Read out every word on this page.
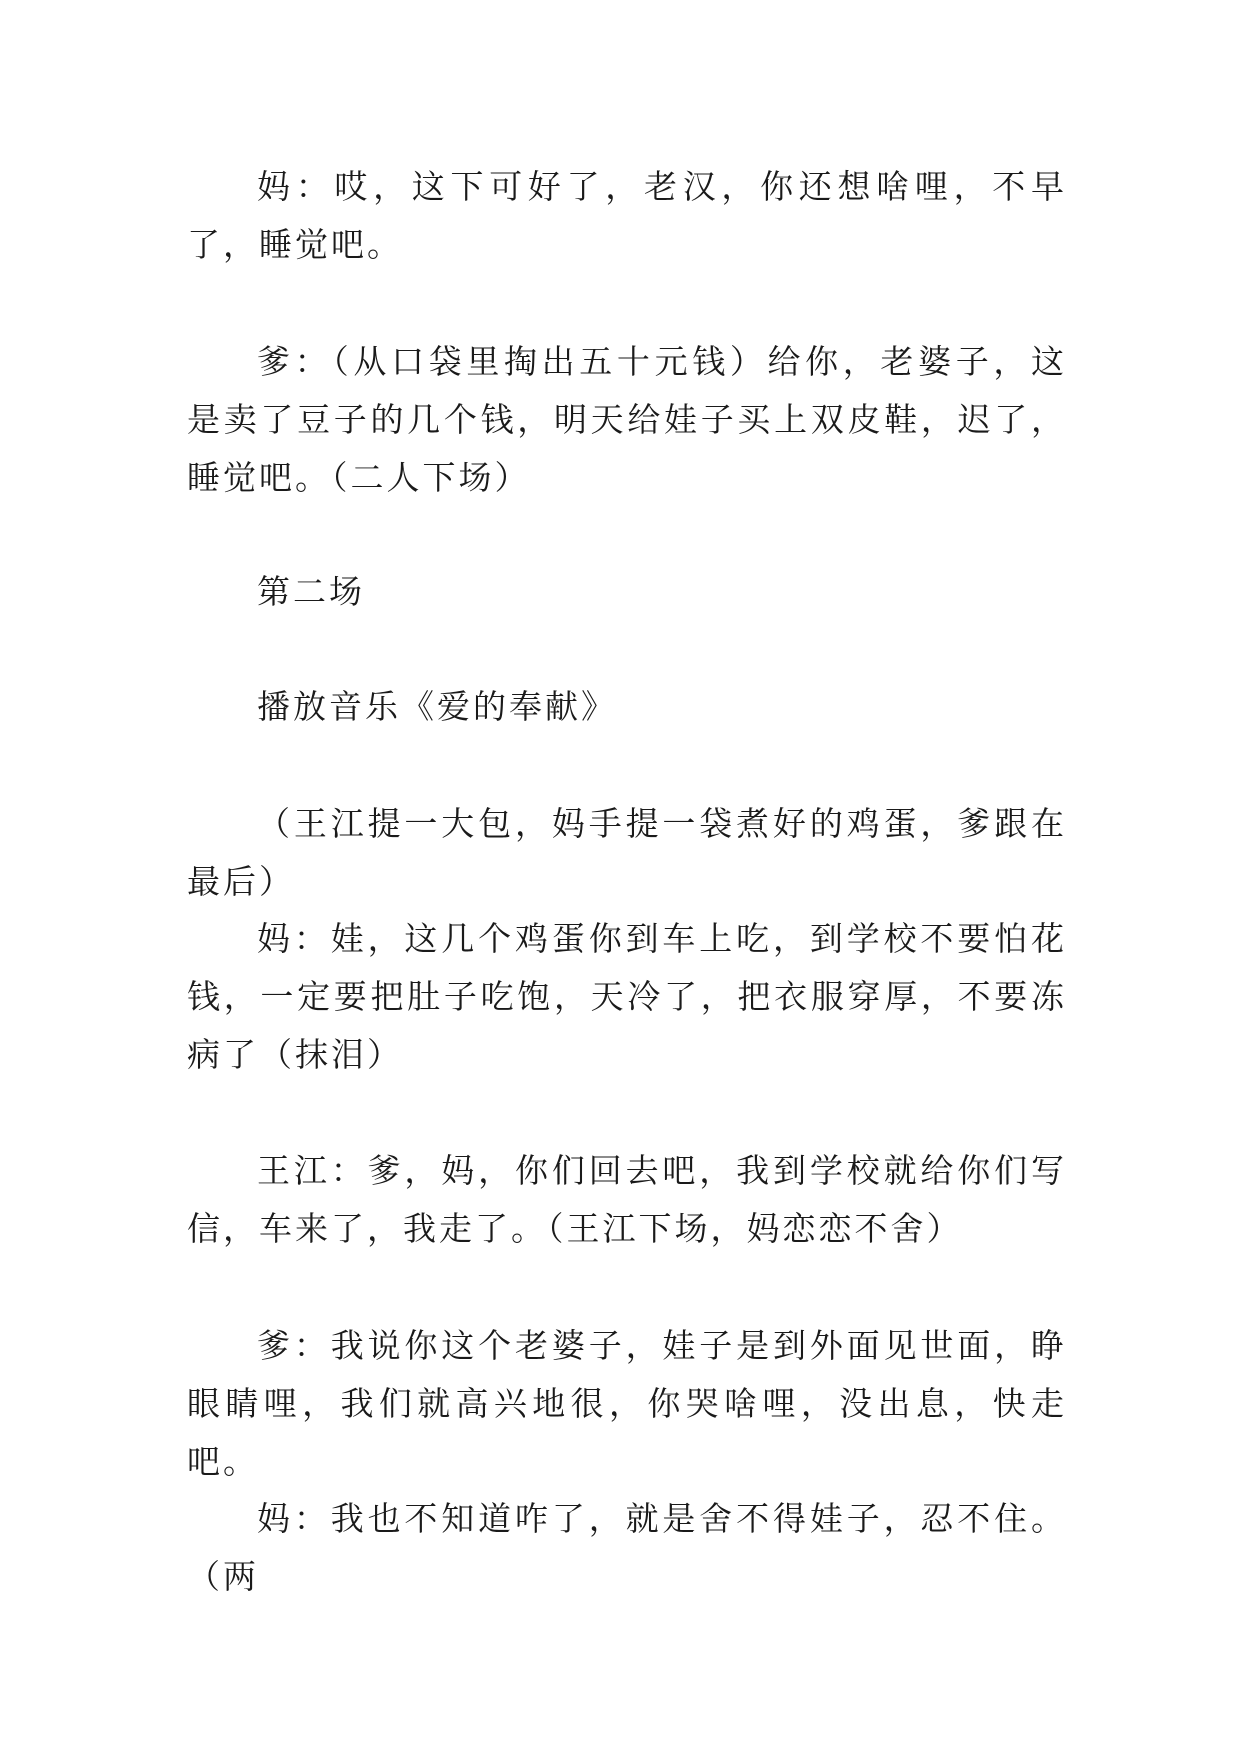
妈：哎，这下可好了，老汉，你还想啥哩，不早了，睡觉吧。

爹：（从口袋里掏出五十元钱）给你，老婆子，这是卖了豆子的几个钱，明天给娃子买上双皮鞋，迟了，睡觉吧。（二人下场）

第二场

播放音乐《爱的奉献》

（王江提一大包，妈手提一袋煮好的鸡蛋，爹跟在最后）

妈：娃，这几个鸡蛋你到车上吃，到学校不要怕花钱，一定要把肚子吃饱，天冷了，把衣服穿厚，不要冻病了（抹泪）

王江：爹，妈，你们回去吧，我到学校就给你们写信，车来了，我走了。（王江下场，妈恋恋不舍）

爹：我说你这个老婆子，娃子是到外面见世面，睁眼睛哩，我们就高兴地很，你哭啥哩，没出息，快走吧。

妈：我也不知道咋了，就是舍不得娃子，忍不住。（两
